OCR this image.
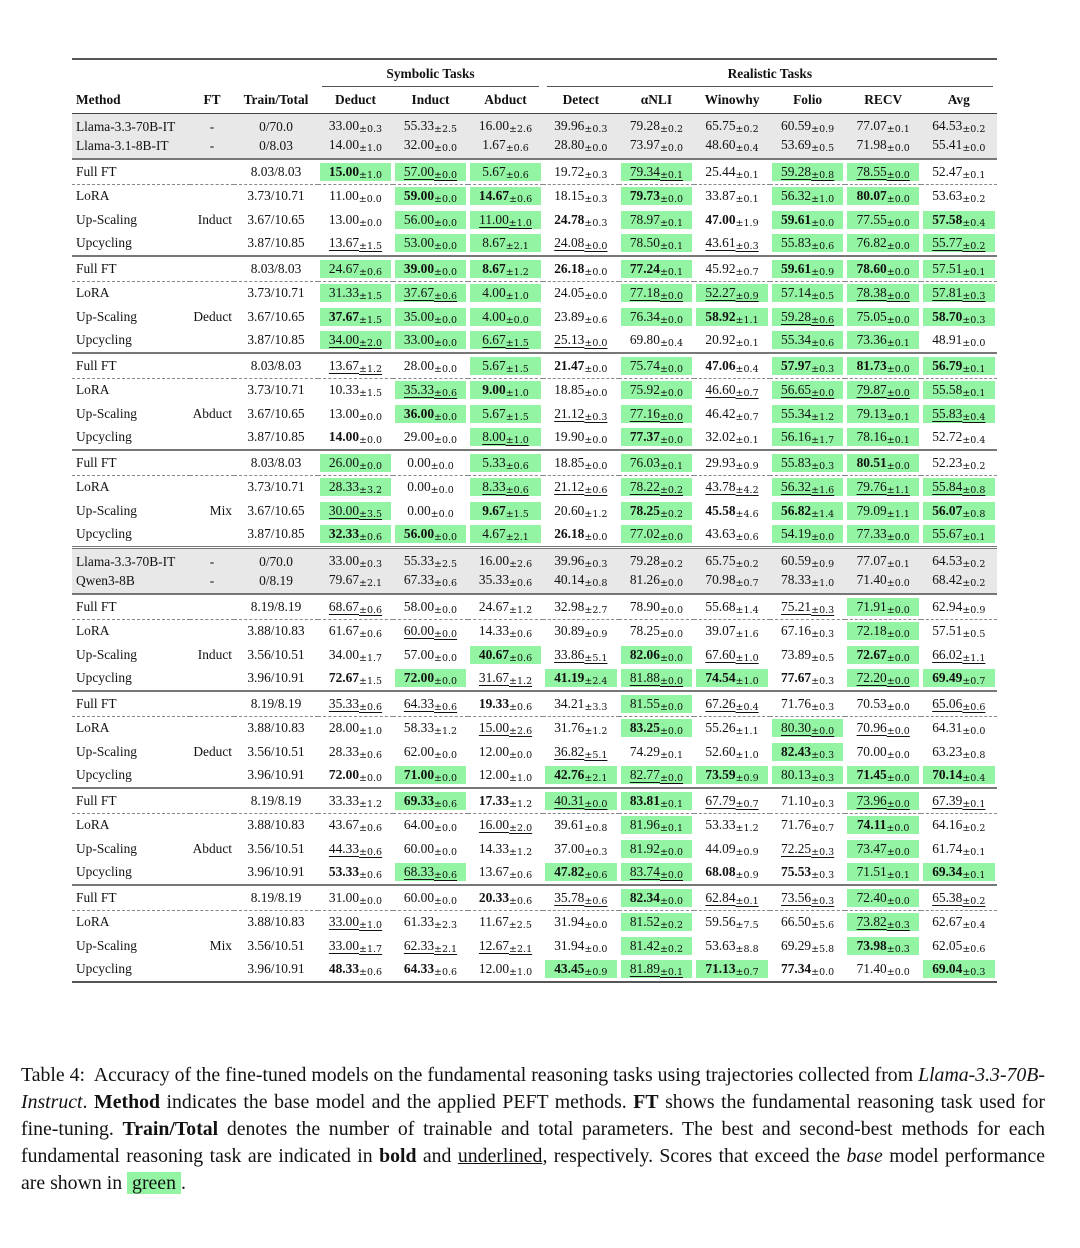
			Symbolic Tasks			Realistic Tasks					

Method	FT	Train/Total	Deduct	Induct	Abduct	Detect	αNLI	Winowhy	Folio	RECV	Avg
Llama-3.3-70B-IT	-	0/70.0	33.00±0.3	55.33±2.5	16.00±2.6	39.96±0.3	79.28±0.2	65.75±0.2	60.59±0.9	77.07±0.1	64.53±0.2
Llama-3.1-8B-IT	-	0/8.03	14.00±1.0	32.00±0.0	1.67±0.6	28.80±0.0	73.97±0.0	48.60±0.4	53.69±0.5	71.98±0.0	55.41±0.0
Full FT		8.03/8.03	15.00±1.0	57.00±0.0	5.67±0.6	19.72±0.3	79.34±0.1	25.44±0.1	59.28±0.8	78.55±0.0	52.47±0.1
LoRA		3.73/10.71	11.00±0.0	59.00±0.0	14.67±0.6	18.15±0.3	79.73±0.0	33.87±0.1	56.32±1.0	80.07±0.0	53.63±0.2
Up-Scaling	Induct	3.67/10.65	13.00±0.0	56.00±0.0	11.00±1.0	24.78±0.3	78.97±0.1	47.00±1.9	59.61±0.0	77.55±0.0	57.58±0.4
Upcycling		3.87/10.85	13.67±1.5	53.00±0.0	8.67±2.1	24.08±0.0	78.50±0.1	43.61±0.3	55.83±0.6	76.82±0.0	55.77±0.2
Full FT		8.03/8.03	24.67±0.6	39.00±0.0	8.67±1.2	26.18±0.0	77.24±0.1	45.92±0.7	59.61±0.9	78.60±0.0	57.51±0.1
LoRA		3.73/10.71	31.33±1.5	37.67±0.6	4.00±1.0	24.05±0.0	77.18±0.0	52.27±0.9	57.14±0.5	78.38±0.0	57.81±0.3
Up-Scaling	Deduct	3.67/10.65	37.67±1.5	35.00±0.0	4.00±0.0	23.89±0.6	76.34±0.0	58.92±1.1	59.28±0.6	75.05±0.0	58.70±0.3
Upcycling		3.87/10.85	34.00±2.0	33.00±0.0	6.67±1.5	25.13±0.0	69.80±0.4	20.92±0.1	55.34±0.6	73.36±0.1	48.91±0.0
Full FT		8.03/8.03	13.67±1.2	28.00±0.0	5.67±1.5	21.47±0.0	75.74±0.0	47.06±0.4	57.97±0.3	81.73±0.0	56.79±0.1
LoRA		3.73/10.71	10.33±1.5	35.33±0.6	9.00±1.0	18.85±0.0	75.92±0.0	46.60±0.7	56.65±0.0	79.87±0.0	55.58±0.1
Up-Scaling	Abduct	3.67/10.65	13.00±0.0	36.00±0.0	5.67±1.5	21.12±0.3	77.16±0.0	46.42±0.7	55.34±1.2	79.13±0.1	55.83±0.4
Upcycling		3.87/10.85	14.00±0.0	29.00±0.0	8.00±1.0	19.90±0.0	77.37±0.0	32.02±0.1	56.16±1.7	78.16±0.1	52.72±0.4
Full FT		8.03/8.03	26.00±0.0	0.00±0.0	5.33±0.6	18.85±0.0	76.03±0.1	29.93±0.9	55.83±0.3	80.51±0.0	52.23±0.2
LoRA		3.73/10.71	28.33±3.2	0.00±0.0	8.33±0.6	21.12±0.6	78.22±0.2	43.78±4.2	56.32±1.6	79.76±1.1	55.84±0.8
Up-Scaling	Mix	3.67/10.65	30.00±3.5	0.00±0.0	9.67±1.5	20.60±1.2	78.25±0.2	45.58±4.6	56.82±1.4	79.09±1.1	56.07±0.8
Upcycling		3.87/10.85	32.33±0.6	56.00±0.0	4.67±2.1	26.18±0.0	77.02±0.0	43.63±0.6	54.19±0.0	77.33±0.0	55.67±0.1
Llama-3.3-70B-IT	-	0/70.0	33.00±0.3	55.33±2.5	16.00±2.6	39.96±0.3	79.28±0.2	65.75±0.2	60.59±0.9	77.07±0.1	64.53±0.2
Qwen3-8B	-	0/8.19	79.67±2.1	67.33±0.6	35.33±0.6	40.14±0.8	81.26±0.0	70.98±0.7	78.33±1.0	71.40±0.0	68.42±0.2
Full FT		8.19/8.19	68.67±0.6	58.00±0.0	24.67±1.2	32.98±2.7	78.90±0.0	55.68±1.4	75.21±0.3	71.91±0.0	62.94±0.9
LoRA		3.88/10.83	61.67±0.6	60.00±0.0	14.33±0.6	30.89±0.9	78.25±0.0	39.07±1.6	67.16±0.3	72.18±0.0	57.51±0.5
Up-Scaling	Induct	3.56/10.51	34.00±1.7	57.00±0.0	40.67±0.6	33.86±5.1	82.06±0.0	67.60±1.0	73.89±0.5	72.67±0.0	66.02±1.1
Upcycling		3.96/10.91	72.67±1.5	72.00±0.0	31.67±1.2	41.19±2.4	81.88±0.0	74.54±1.0	77.67±0.3	72.20±0.0	69.49±0.7
Full FT		8.19/8.19	35.33±0.6	64.33±0.6	19.33±0.6	34.21±3.3	81.55±0.0	67.26±0.4	71.76±0.3	70.53±0.0	65.06±0.6
LoRA		3.88/10.83	28.00±1.0	58.33±1.2	15.00±2.6	31.76±1.2	83.25±0.0	55.26±1.1	80.30±0.0	70.96±0.0	64.31±0.0
Up-Scaling	Deduct	3.56/10.51	28.33±0.6	62.00±0.0	12.00±0.0	36.82±5.1	74.29±0.1	52.60±1.0	82.43±0.3	70.00±0.0	63.23±0.8
Upcycling		3.96/10.91	72.00±0.0	71.00±0.0	12.00±1.0	42.76±2.1	82.77±0.0	73.59±0.9	80.13±0.3	71.45±0.0	70.14±0.4
Full FT		8.19/8.19	33.33±1.2	69.33±0.6	17.33±1.2	40.31±0.0	83.81±0.1	67.79±0.7	71.10±0.3	73.96±0.0	67.39±0.1
LoRA		3.88/10.83	43.67±0.6	64.00±0.0	16.00±2.0	39.61±0.8	81.96±0.1	53.33±1.2	71.76±0.7	74.11±0.0	64.16±0.2
Up-Scaling	Abduct	3.56/10.51	44.33±0.6	60.00±0.0	14.33±1.2	37.00±0.3	81.92±0.0	44.09±0.9	72.25±0.3	73.47±0.0	61.74±0.1
Upcycling		3.96/10.91	53.33±0.6	68.33±0.6	13.67±0.6	47.82±0.6	83.74±0.0	68.08±0.9	75.53±0.3	71.51±0.1	69.34±0.1
Full FT		8.19/8.19	31.00±0.0	60.00±0.0	20.33±0.6	35.78±0.6	82.34±0.0	62.84±0.1	73.56±0.3	72.40±0.0	65.38±0.2
LoRA		3.88/10.83	33.00±1.0	61.33±2.3	11.67±2.5	31.94±0.0	81.52±0.2	59.56±7.5	66.50±5.6	73.82±0.3	62.67±0.4
Up-Scaling	Mix	3.56/10.51	33.00±1.7	62.33±2.1	12.67±2.1	31.94±0.0	81.42±0.2	53.63±8.8	69.29±5.8	73.98±0.3	62.05±0.6
Upcycling		3.96/10.91	48.33±0.6	64.33±0.6	12.00±1.0	43.45±0.9	81.89±0.1	71.13±0.7	77.34±0.0	71.40±0.0	69.04±0.3
Table 4: Accuracy of the fine-tuned models on the fundamental reasoning tasks using trajectories collected from Llama-3.3-70B-Instruct. Method indicates the base model and the applied PEFT methods. FT shows the fundamental reasoning task used for fine-tuning. Train/Total denotes the number of trainable and total parameters. The best and second-best methods for each fundamental reasoning task are indicated in bold and underlined, respectively. Scores that exceed the base model performance are shown in green .
